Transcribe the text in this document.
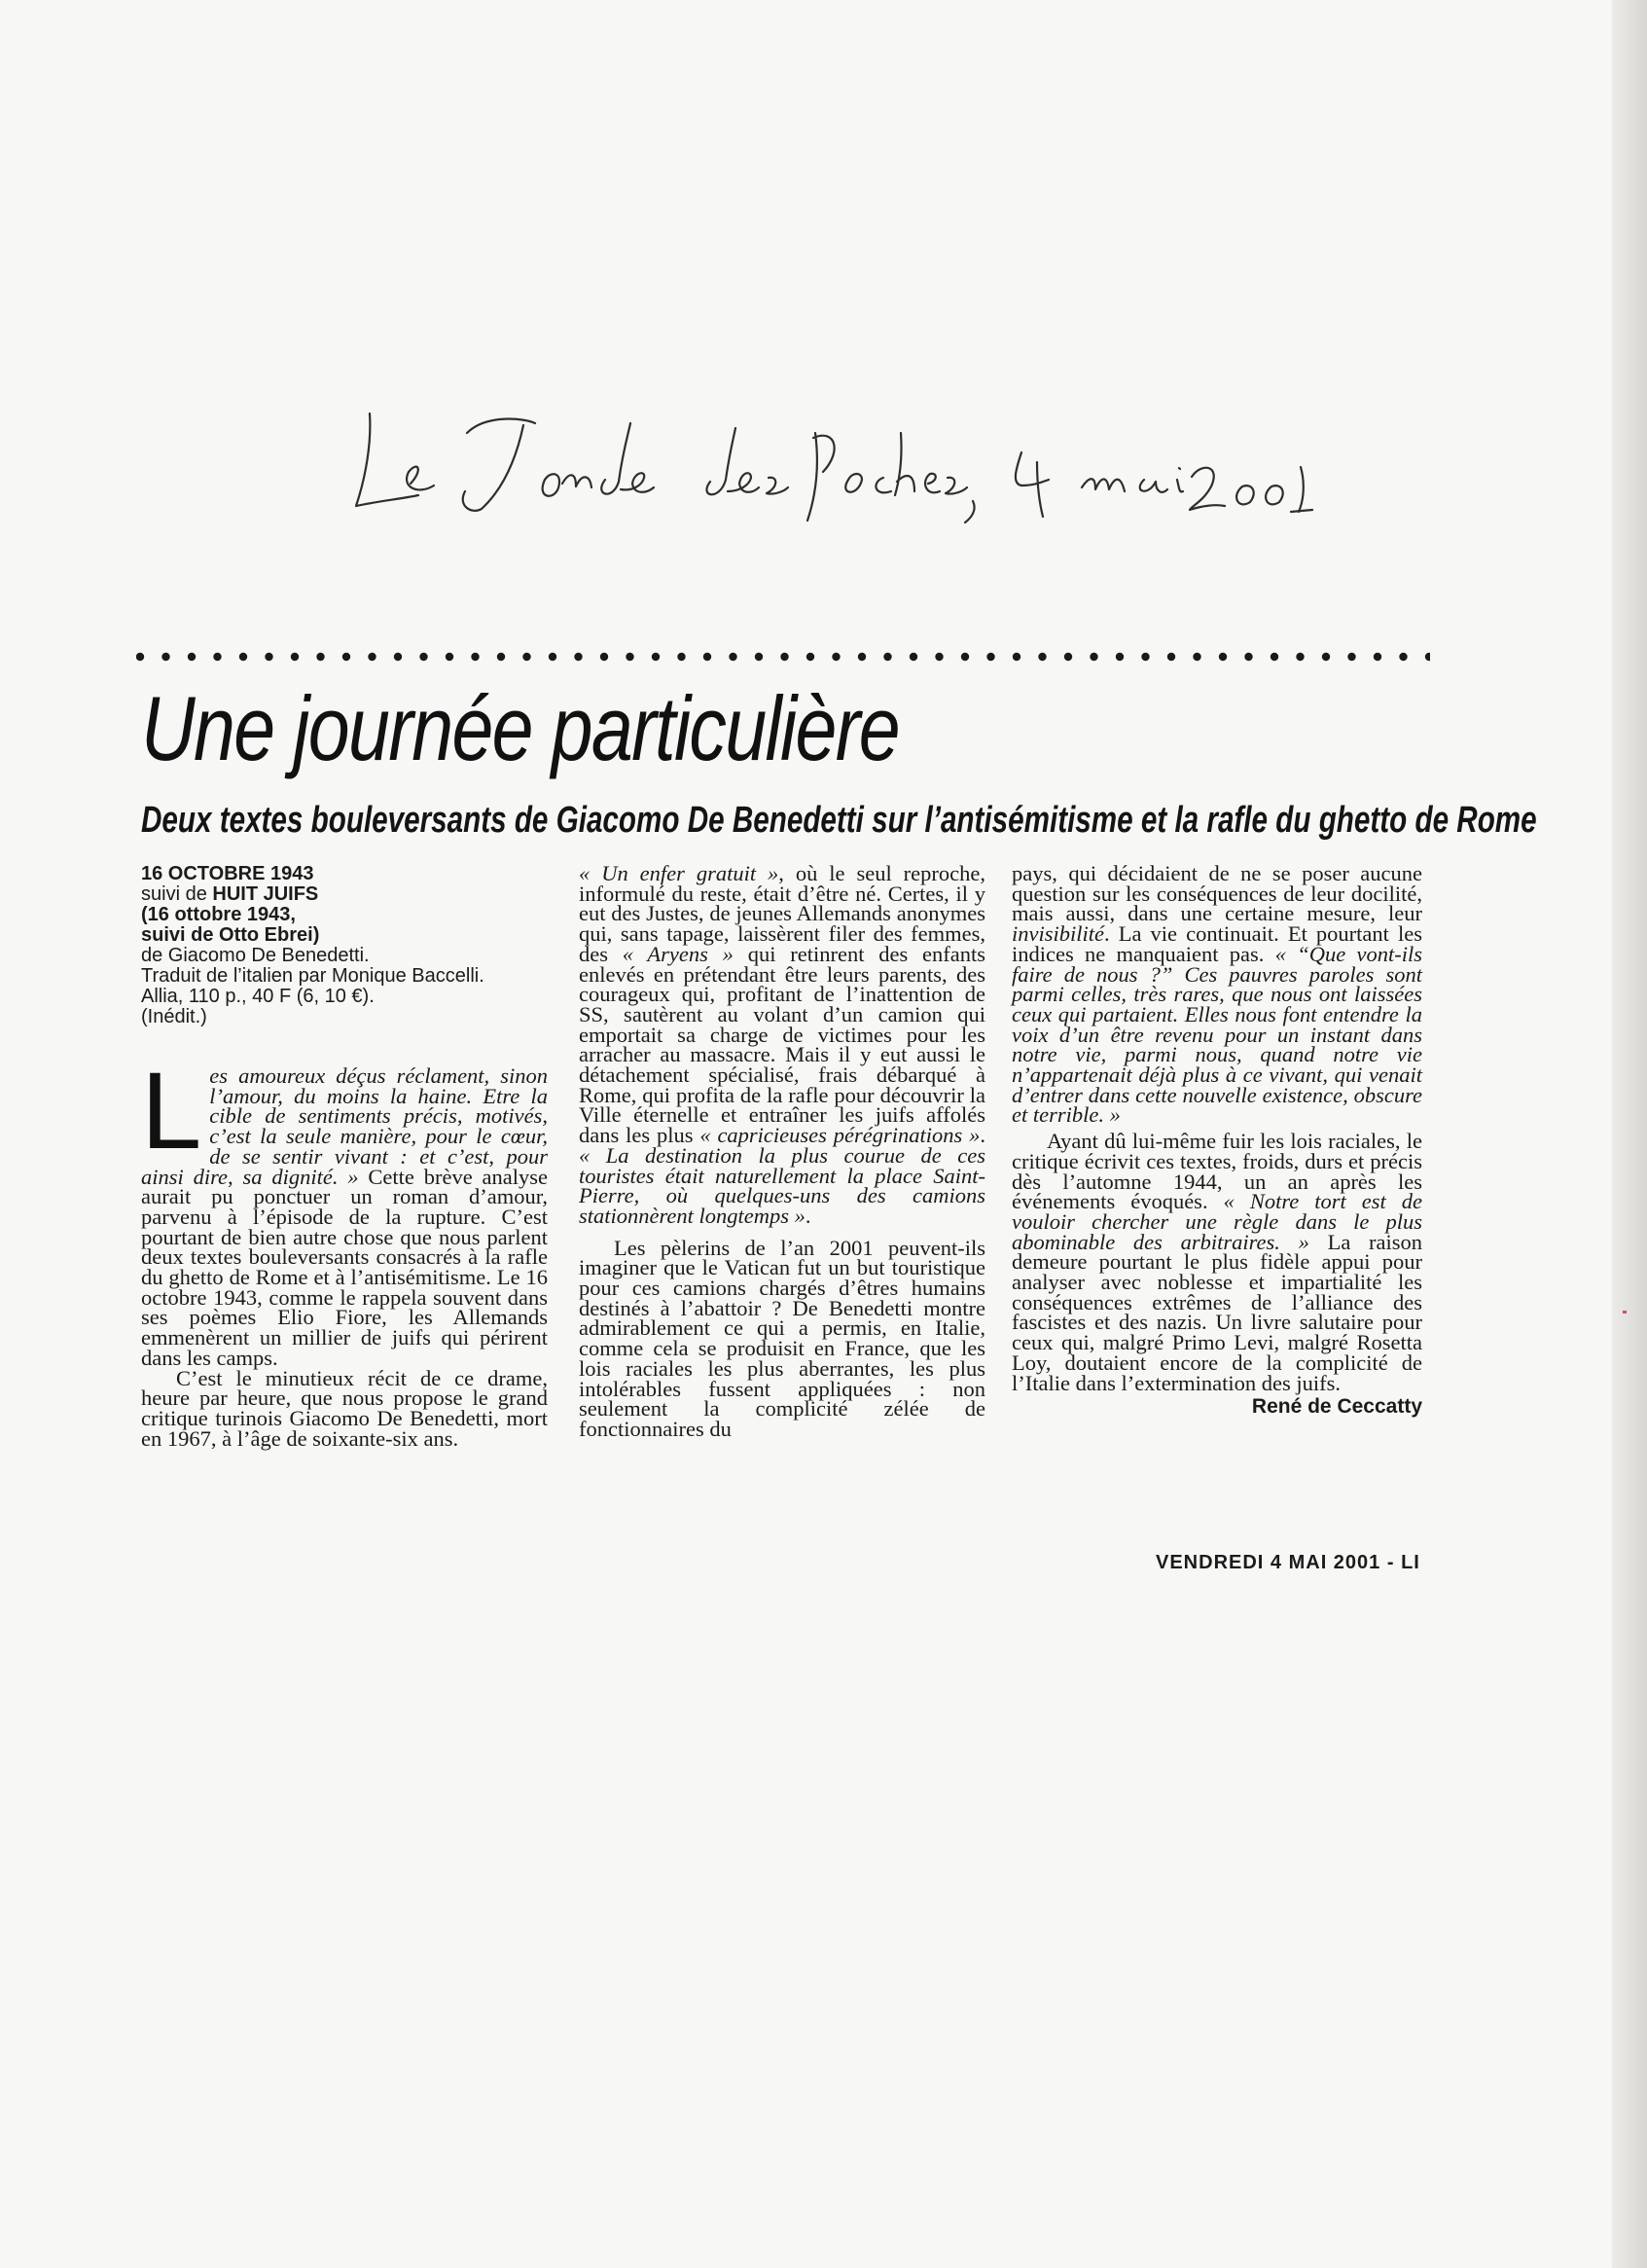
Une journée particulière
Deux textes bouleversants de Giacomo De Benedetti sur l’antisémitisme et la rafle du ghetto de Rome
16 OCTOBRE 1943
suivi de HUIT JUIFS
(16 ottobre 1943,
suivi de Otto Ebrei)
de Giacomo De Benedetti.
Traduit de l’italien par Monique Baccelli.
Allia, 110 p., 40 F (6, 10 €).
(Inédit.)

Les amoureux déçus réclament, sinon l’amour, du moins la haine. Etre la cible de sentiments précis, motivés, c’est la seule manière, pour le cœur, de se sentir vivant : et c’est, pour ainsi dire, sa dignité. » Cette brève analyse aurait pu ponctuer un roman d’amour, parvenu à l’épisode de la rupture. C’est pourtant de bien autre chose que nous parlent deux textes bouleversants consacrés à la rafle du ghetto de Rome et à l’antisémitisme. Le 16 octobre 1943, comme le rappela souvent dans ses poèmes Elio Fiore, les Allemands emmenèrent un millier de juifs qui périrent dans les camps.

C’est le minutieux récit de ce drame, heure par heure, que nous propose le grand critique turinois Giacomo De Benedetti, mort en 1967, à l’âge de soixante-six ans.

« Un enfer gratuit », où le seul reproche, informulé du reste, était d’être né. Certes, il y eut des Justes, de jeunes Allemands anonymes qui, sans tapage, laissèrent filer des femmes, des « Aryens » qui retinrent des enfants enlevés en prétendant être leurs parents, des courageux qui, profitant de l’inattention de SS, sautèrent au volant d’un camion qui emportait sa charge de victimes pour les arracher au massacre. Mais il y eut aussi le détachement spécialisé, frais débarqué à Rome, qui profita de la rafle pour découvrir la Ville éternelle et entraîner les juifs affolés dans les plus « capricieuses pérégrinations ». « La destination la plus courue de ces touristes était naturellement la place Saint-Pierre, où quelques-uns des camions stationnèrent longtemps ».

Les pèlerins de l’an 2001 peuvent-ils imaginer que le Vatican fut un but touristique pour ces camions chargés d’êtres humains destinés à l’abattoir ? De Benedetti montre admirablement ce qui a permis, en Italie, comme cela se produisit en France, que les lois raciales les plus aberrantes, les plus intolérables fussent appliquées : non seulement la complicité zélée de fonctionnaires du

pays, qui décidaient de ne se poser aucune question sur les conséquences de leur docilité, mais aussi, dans une certaine mesure, leur invisibilité. La vie continuait. Et pourtant les indices ne manquaient pas. « “Que vont-ils faire de nous ?” Ces pauvres paroles sont parmi celles, très rares, que nous ont laissées ceux qui partaient. Elles nous font entendre la voix d’un être revenu pour un instant dans notre vie, parmi nous, quand notre vie n’appartenait déjà plus à ce vivant, qui venait d’entrer dans cette nouvelle existence, obscure et terrible. »

Ayant dû lui-même fuir les lois raciales, le critique écrivit ces textes, froids, durs et précis dès l’automne 1944, un an après les événements évoqués. « Notre tort est de vouloir chercher une règle dans le plus abominable des arbitraires. » La raison demeure pourtant le plus fidèle appui pour analyser avec noblesse et impartialité les conséquences extrêmes de l’alliance des fascistes et des nazis. Un livre salutaire pour ceux qui, malgré Primo Levi, malgré Rosetta Loy, doutaient encore de la complicité de l’Italie dans l’extermination des juifs.

René de Ceccatty
VENDREDI 4 MAI 2001 - LI
